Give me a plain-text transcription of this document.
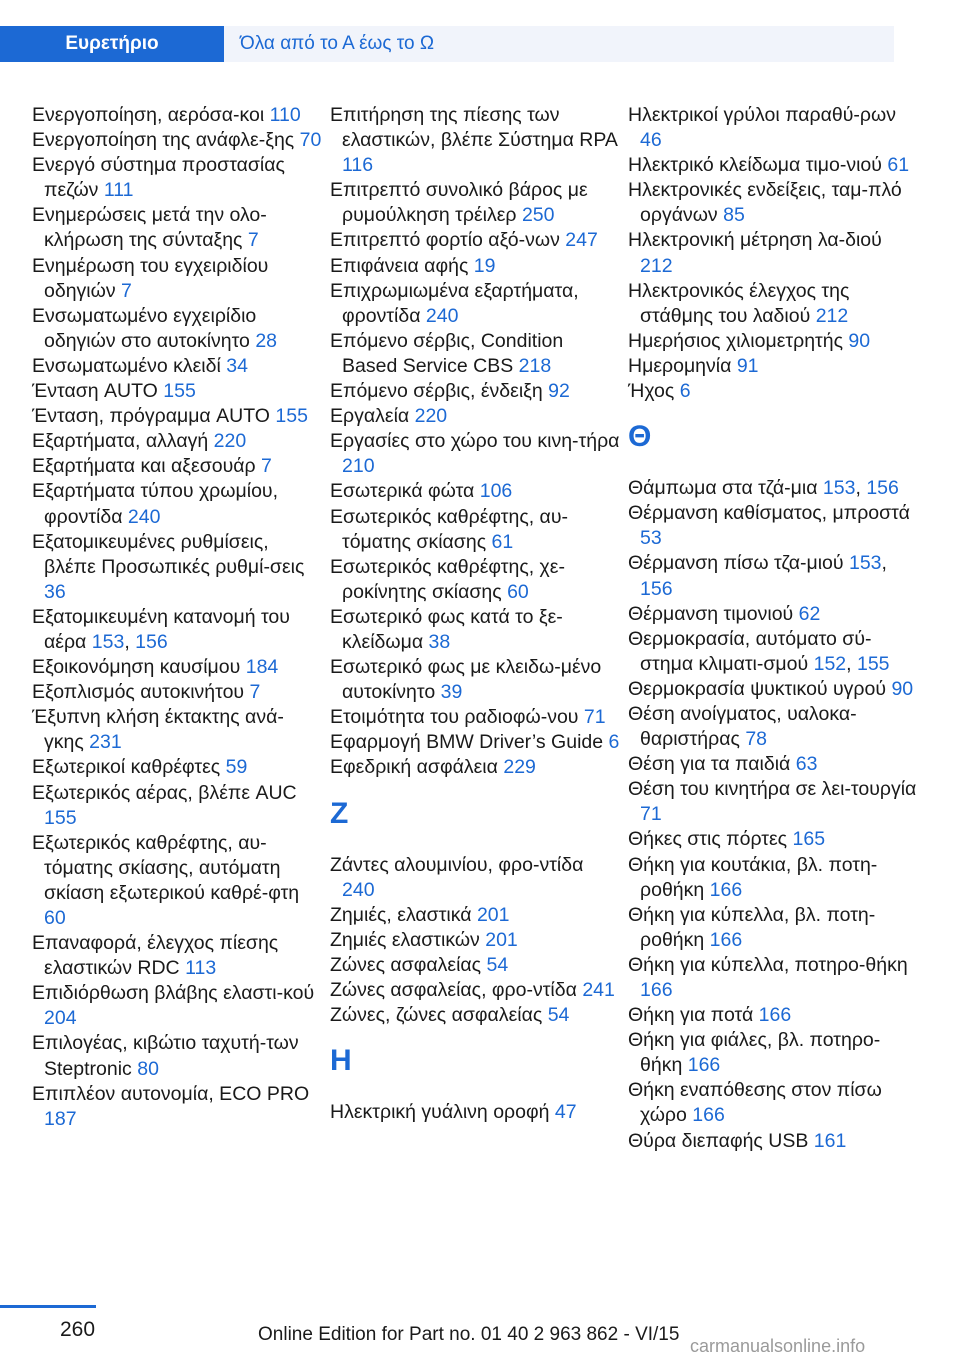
Ευρετήριο	Όλα από το Α έως το Ω

Ενεργοποίηση, αερόσα-κοι 110

Ενεργοποίηση της ανάφλε-ξης 70

Ενεργό σύστημα προστασίας πεζών 111

Ενημερώσεις μετά την ολο-κλήρωση της σύνταξης 7

Ενημέρωση του εγχειριδίου οδηγιών 7

Ενσωματωμένο εγχειρίδιο οδηγιών στο αυτοκίνητο 28

Ενσωματωμένο κλειδί 34

Ένταση AUTO 155

Ένταση, πρόγραμμα AUTO 155

Εξαρτήματα, αλλαγή 220

Εξαρτήματα και αξεσουάρ 7

Εξαρτήματα τύπου χρωμίου, φροντίδα 240

Εξατομικευμένες ρυθμίσεις, βλέπε Προσωπικές ρυθμί-σεις 36

Εξατομικευμένη κατανομή του αέρα 153, 156

Εξοικονόμηση καυσίμου 184

Εξοπλισμός αυτοκινήτου 7

Έξυπνη κλήση έκτακτης ανά-γκης 231

Εξωτερικοί καθρέφτες 59

Εξωτερικός αέρας, βλέπε AUC 155

Εξωτερικός καθρέφτης, αυ-τόματης σκίασης, αυτόματη σκίαση εξωτερικού καθρέ-φτη 60

Επαναφορά, έλεγχος πίεσης ελαστικών RDC 113

Επιδιόρθωση βλάβης ελαστι-κού 204

Επιλογέας, κιβώτιο ταχυτή-των Steptronic 80

Επιπλέον αυτονομία, ECO PRO 187

Επιτήρηση της πίεσης των ελαστικών, βλέπε Σύστημα RPA 116

Επιτρεπτό συνολικό βάρος με ρυμούλκηση τρέιλερ 250

Επιτρεπτό φορτίο αξό-νων 247

Επιφάνεια αφής 19

Επιχρωμιωμένα εξαρτήματα, φροντίδα 240

Επόμενο σέρβις, Condition Based Service CBS 218

Επόμενο σέρβις, ένδειξη 92

Εργαλεία 220

Εργασίες στο χώρο του κινη-τήρα 210

Εσωτερικά φώτα 106

Εσωτερικός καθρέφτης, αυ-τόματης σκίασης 61

Εσωτερικός καθρέφτης, χε-ροκίνητης σκίασης 60

Εσωτερικό φως κατά το ξε-κλείδωμα 38

Εσωτερικό φως με κλειδω-μένο αυτοκίνητο 39

Ετοιμότητα του ραδιοφώ-νου 71

Εφαρμογή BMW Driver’s Guide 6

Εφεδρική ασφάλεια 229

Z

Ζάντες αλουμινίου, φρο-ντίδα 240

Ζημιές, ελαστικά 201

Ζημιές ελαστικών 201

Ζώνες ασφαλείας 54

Ζώνες ασφαλείας, φρο-ντίδα 241

Ζώνες, ζώνες ασφαλείας 54

H

Ηλεκτρική γυάλινη οροφή 47

Ηλεκτρικοί γρύλοι παραθύ-ρων 46

Ηλεκτρικό κλείδωμα τιμο-νιού 61

Ηλεκτρονικές ενδείξεις, ταμ-πλό οργάνων 85

Ηλεκτρονική μέτρηση λα-διού 212

Ηλεκτρονικός έλεγχος της στάθμης του λαδιού 212

Ημερήσιος χιλιομετρητής 90

Ημερομηνία 91

Ήχος 6

Θ

Θάμπωμα στα τζά-μια 153, 156

Θέρμανση καθίσματος, μπροστά 53

Θέρμανση πίσω τζα-μιού 153, 156

Θέρμανση τιμονιού 62

Θερμοκρασία, αυτόματο σύ-στημα κλιματι-σμού 152, 155

Θερμοκρασία ψυκτικού υγρού 90

Θέση ανοίγματος, υαλοκα-θαριστήρας 78

Θέση για τα παιδιά 63

Θέση του κινητήρα σε λει-τουργία 71

Θήκες στις πόρτες 165

Θήκη για κουτάκια, βλ. ποτη-ροθήκη 166

Θήκη για κύπελλα, βλ. ποτη-ροθήκη 166

Θήκη για κύπελλα, ποτηρο-θήκη 166

Θήκη για ποτά 166

Θήκη για φιάλες, βλ. ποτηρο-θήκη 166

Θήκη εναπόθεσης στον πίσω χώρο 166

Θύρα διεπαφής USB 161

260	Online Edition for Part no. 01 40 2 963 862 - VI/15
carmanualsonline.info
